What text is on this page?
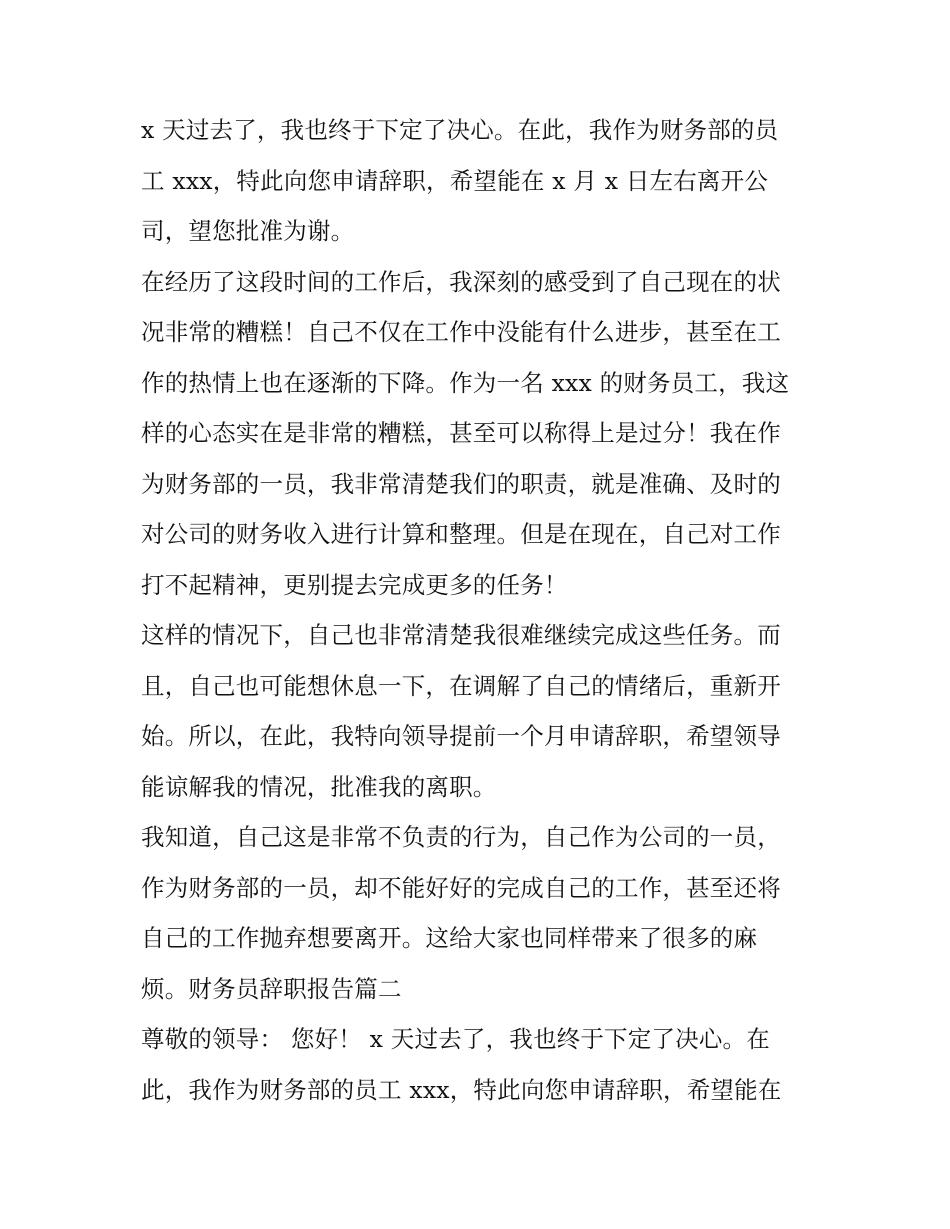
x 天过去了，我也终于下定了决心。在此，我作为财务部的员
工 xxx，特此向您申请辞职，希望能在 x 月 x 日左右离开公
司，望您批准为谢。
在经历了这段时间的工作后，我深刻的感受到了自己现在的状
况非常的糟糕！自己不仅在工作中没能有什么进步，甚至在工
作的热情上也在逐渐的下降。作为一名 xxx 的财务员工，我这
样的心态实在是非常的糟糕，甚至可以称得上是过分！我在作
为财务部的一员，我非常清楚我们的职责，就是准确、及时的
对公司的财务收入进行计算和整理。但是在现在，自己对工作
打不起精神，更别提去完成更多的任务！
这样的情况下，自己也非常清楚我很难继续完成这些任务。而
且，自己也可能想休息一下，在调解了自己的情绪后，重新开
始。所以，在此，我特向领导提前一个月申请辞职，希望领导
能谅解我的情况，批准我的离职。
我知道，自己这是非常不负责的行为，自己作为公司的一员，
作为财务部的一员，却不能好好的完成自己的工作，甚至还将
自己的工作抛弃想要离开。这给大家也同样带来了很多的麻
烦。财务员辞职报告篇二
尊敬的领导： 您好！ x 天过去了，我也终于下定了决心。在
此，我作为财务部的员工 xxx，特此向您申请辞职，希望能在
